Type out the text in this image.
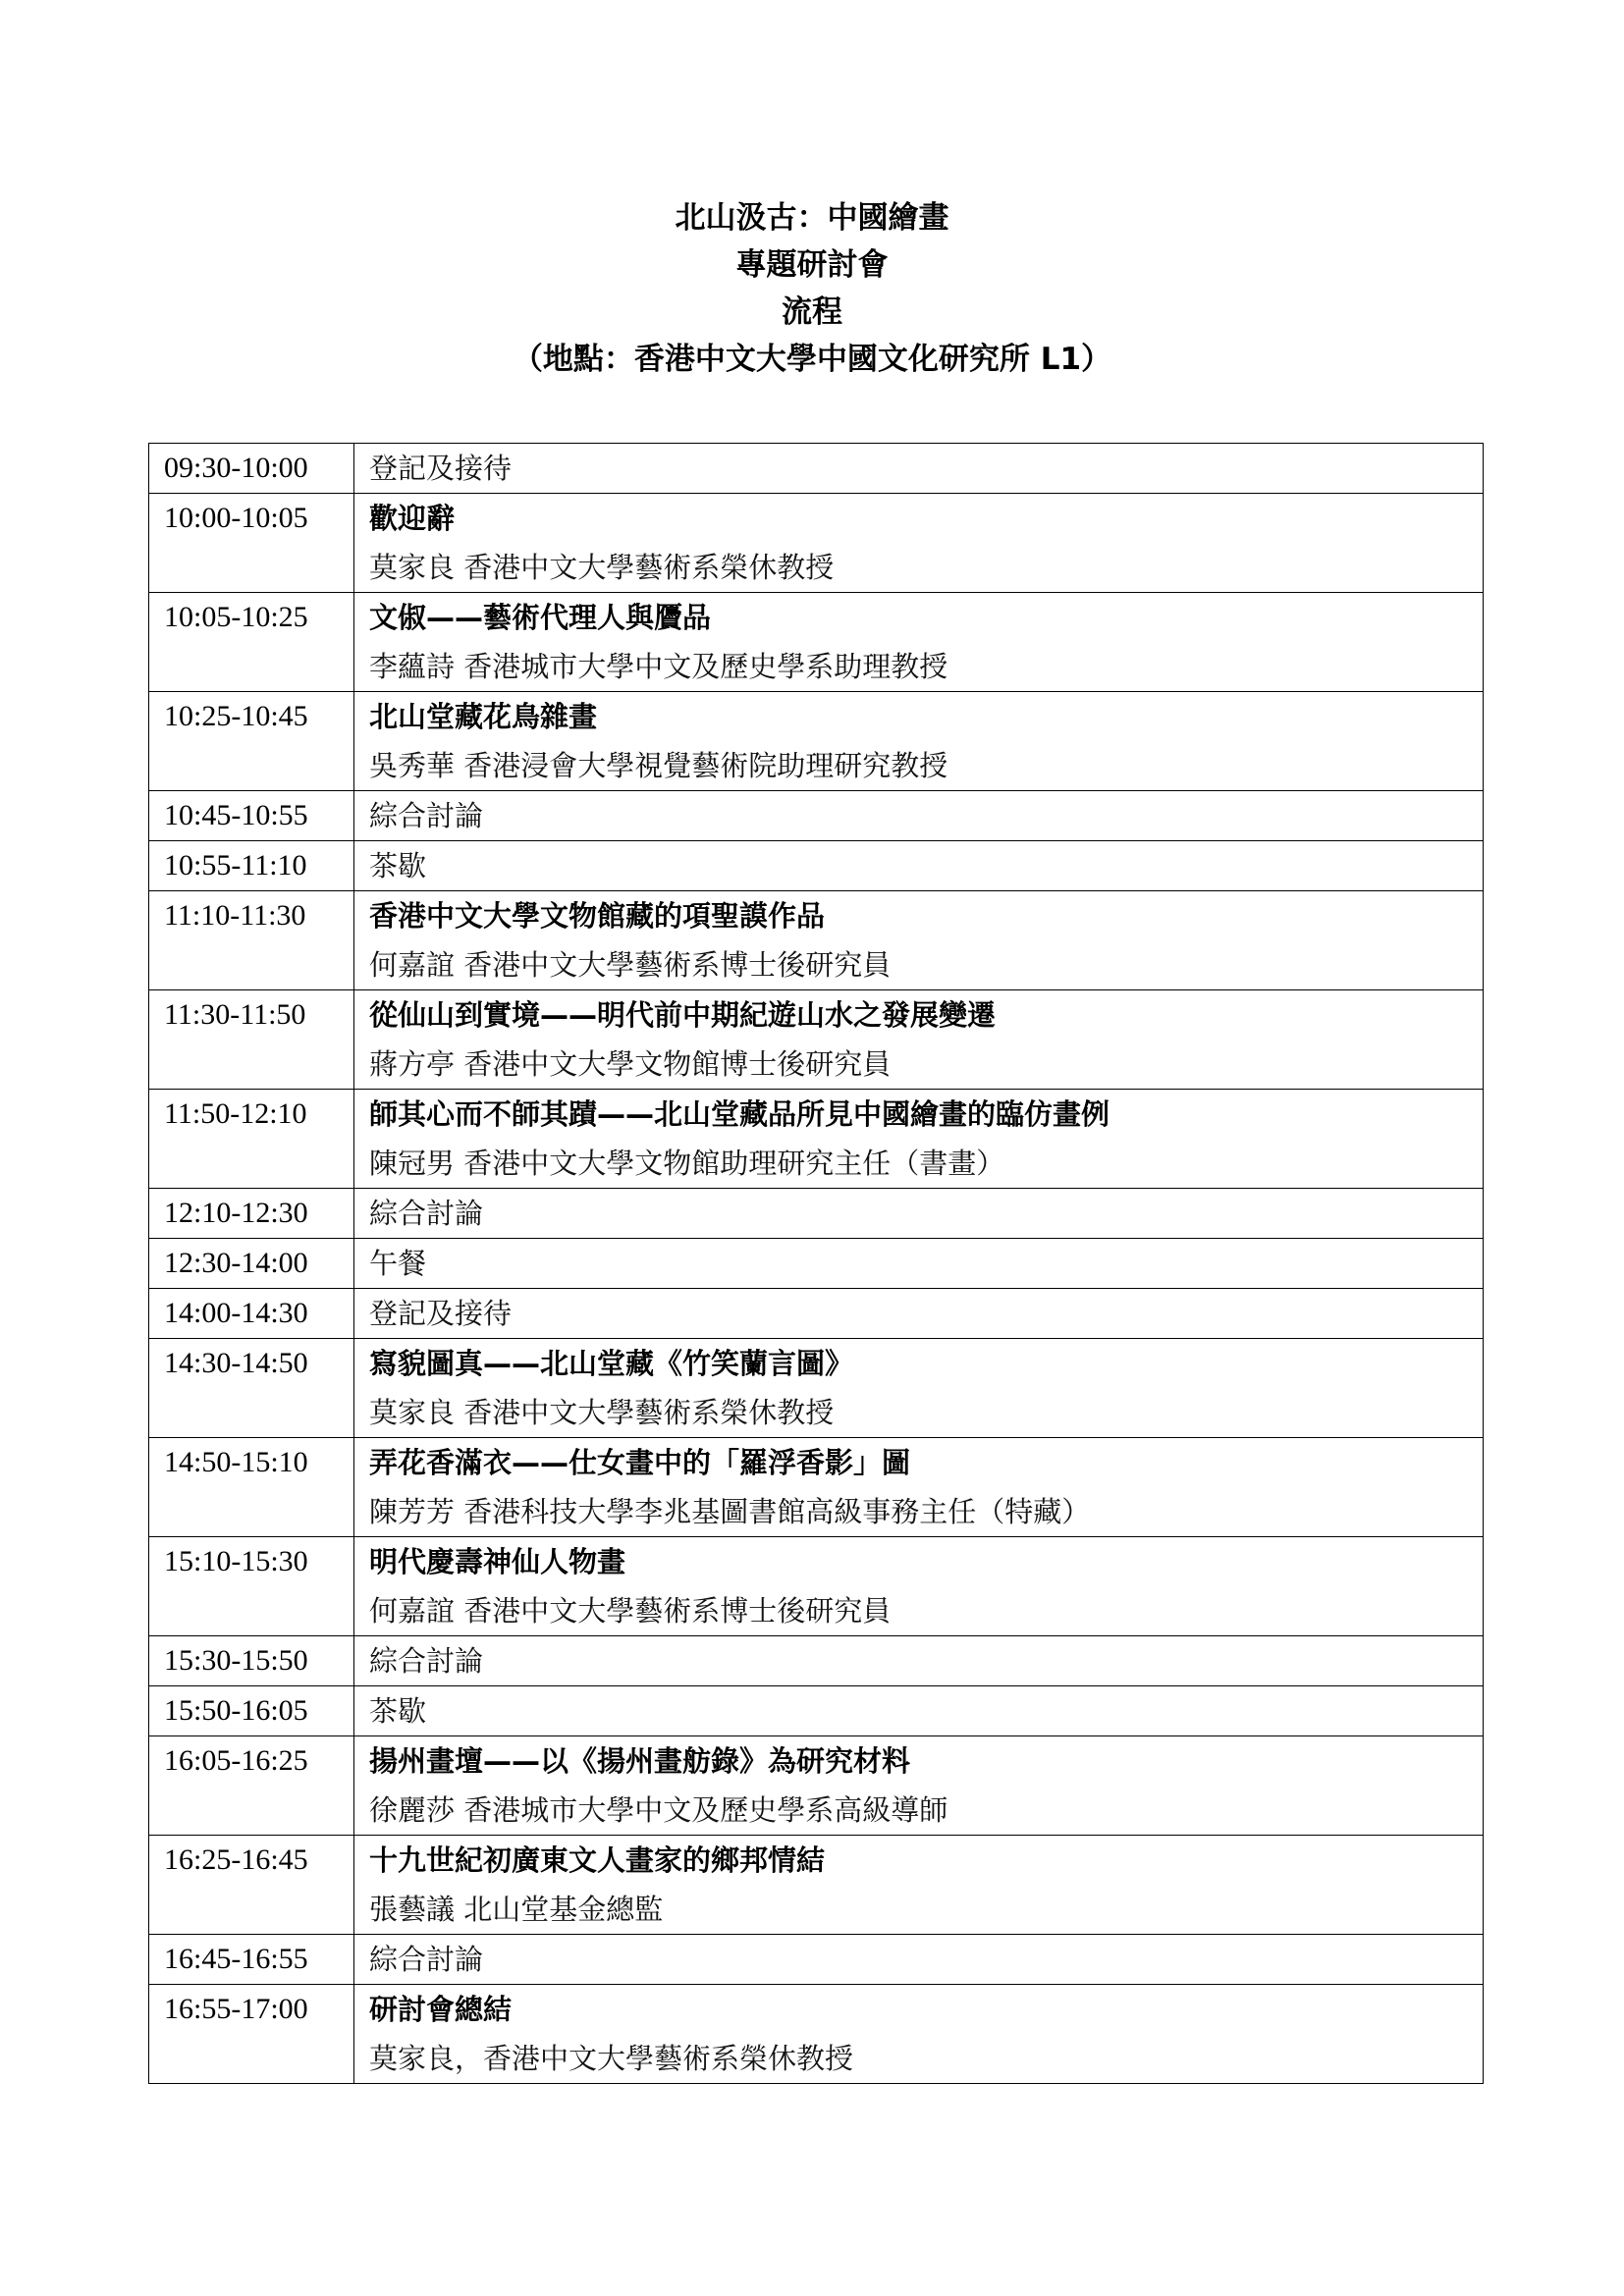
北山汲古：中國繪畫
專題研討會
流程
（地點：香港中文大學中國文化研究所 L1）
09:30-10:00	登記及接待

10:00-10:05	歡迎辭
莫家良 香港中文大學藝術系榮休教授

10:05-10:25	文俶——藝術代理人與贗品
李蘊詩 香港城市大學中文及歷史學系助理教授

10:25-10:45	北山堂藏花鳥雜畫
吳秀華 香港浸會大學視覺藝術院助理研究教授

10:45-10:55	綜合討論

10:55-11:10	茶歇

11:10-11:30	香港中文大學文物館藏的項聖謨作品
何嘉誼 香港中文大學藝術系博士後研究員

11:30-11:50	從仙山到實境——明代前中期紀遊山水之發展變遷
蔣方亭 香港中文大學文物館博士後研究員

11:50-12:10	師其心而不師其蹟——北山堂藏品所見中國繪畫的臨仿畫例
陳冠男 香港中文大學文物館助理研究主任（書畫）

12:10-12:30	綜合討論

12:30-14:00	午餐

14:00-14:30	登記及接待

14:30-14:50	寫貌圖真——北山堂藏《竹笑蘭言圖》
莫家良 香港中文大學藝術系榮休教授

14:50-15:10	弄花香滿衣——仕女畫中的「羅浮香影」圖
陳芳芳 香港科技大學李兆基圖書館高級事務主任（特藏）

15:10-15:30	明代慶壽神仙人物畫
何嘉誼 香港中文大學藝術系博士後研究員

15:30-15:50	綜合討論

15:50-16:05	茶歇

16:05-16:25	揚州畫壇——以《揚州畫舫錄》為研究材料
徐麗莎 香港城市大學中文及歷史學系高級導師

16:25-16:45	十九世紀初廣東文人畫家的鄉邦情結
張藝議 北山堂基金總監

16:45-16:55	綜合討論

16:55-17:00	研討會總結
莫家良，香港中文大學藝術系榮休教授
